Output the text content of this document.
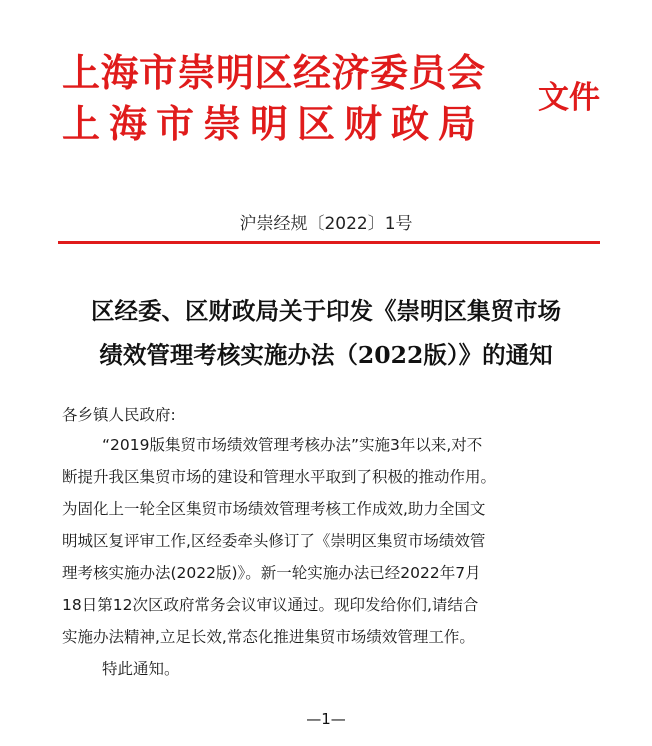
上海市崇明区经济委员会
上海市崇明区财政局
文件
沪崇经规〔2022〕1号
区经委、区财政局关于印发《崇明区集贸市场
绩效管理考核实施办法（2022版）》的通知
各乡镇人民政府:
“2019版集贸市场绩效管理考核办法”实施3年以来,对不
断提升我区集贸市场的建设和管理水平取到了积极的推动作用。
为固化上一轮全区集贸市场绩效管理考核工作成效,助力全国文
明城区复评审工作,区经委牵头修订了《崇明区集贸市场绩效管
理考核实施办法(2022版)》。新一轮实施办法已经2022年7月
18日第12次区政府常务会议审议通过。现印发给你们,请结合
实施办法精神,立足长效,常态化推进集贸市场绩效管理工作。
特此通知。
—1—
